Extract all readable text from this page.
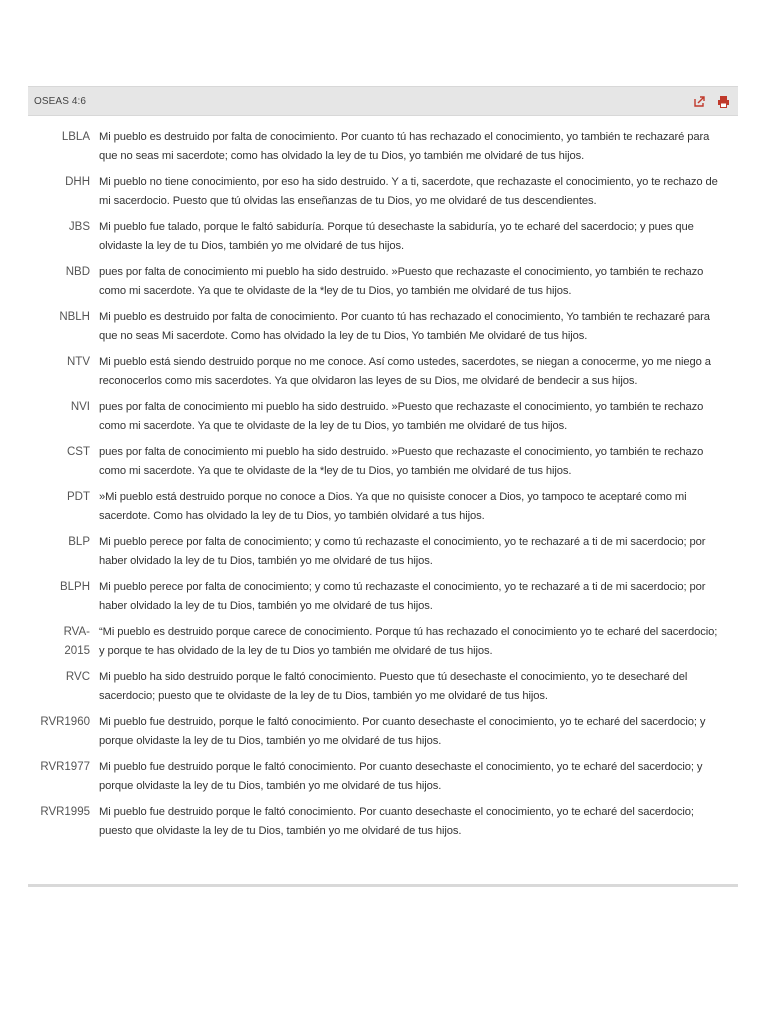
OSEAS 4:6
LBLA Mi pueblo es destruido por falta de conocimiento. Por cuanto tú has rechazado el conocimiento, yo también te rechazaré para que no seas mi sacerdote; como has olvidado la ley de tu Dios, yo también me olvidaré de tus hijos.
DHH Mi pueblo no tiene conocimiento, por eso ha sido destruido. Y a ti, sacerdote, que rechazaste el conocimiento, yo te rechazo de mi sacerdocio. Puesto que tú olvidas las enseñanzas de tu Dios, yo me olvidaré de tus descendientes.
JBS Mi pueblo fue talado, porque le faltó sabiduría. Porque tú desechaste la sabiduría, yo te echaré del sacerdocio; y pues que olvidaste la ley de tu Dios, también yo me olvidaré de tus hijos.
NBD pues por falta de conocimiento mi pueblo ha sido destruido. »Puesto que rechazaste el conocimiento, yo también te rechazo como mi sacerdote. Ya que te olvidaste de la *ley de tu Dios, yo también me olvidaré de tus hijos.
NBLH Mi pueblo es destruido por falta de conocimiento. Por cuanto tú has rechazado el conocimiento, Yo también te rechazaré para que no seas Mi sacerdote. Como has olvidado la ley de tu Dios, Yo también Me olvidaré de tus hijos.
NTV Mi pueblo está siendo destruido porque no me conoce. Así como ustedes, sacerdotes, se niegan a conocerme, yo me niego a reconocerlos como mis sacerdotes. Ya que olvidaron las leyes de su Dios, me olvidaré de bendecir a sus hijos.
NVI pues por falta de conocimiento mi pueblo ha sido destruido. »Puesto que rechazaste el conocimiento, yo también te rechazo como mi sacerdote. Ya que te olvidaste de la ley de tu Dios, yo también me olvidaré de tus hijos.
CST pues por falta de conocimiento mi pueblo ha sido destruido. »Puesto que rechazaste el conocimiento, yo también te rechazo como mi sacerdote. Ya que te olvidaste de la *ley de tu Dios, yo también me olvidaré de tus hijos.
PDT »Mi pueblo está destruido porque no conoce a Dios. Ya que no quisiste conocer a Dios, yo tampoco te aceptaré como mi sacerdote. Como has olvidado la ley de tu Dios, yo también olvidaré a tus hijos.
BLP Mi pueblo perece por falta de conocimiento; y como tú rechazaste el conocimiento, yo te rechazaré a ti de mi sacerdocio; por haber olvidado la ley de tu Dios, también yo me olvidaré de tus hijos.
BLPH Mi pueblo perece por falta de conocimiento; y como tú rechazaste el conocimiento, yo te rechazaré a ti de mi sacerdocio; por haber olvidado la ley de tu Dios, también yo me olvidaré de tus hijos.
RVA-
2015
“Mi pueblo es destruido porque carece de conocimiento. Porque tú has rechazado el conocimiento yo te echaré del sacerdocio; y porque te has olvidado de la ley de tu Dios yo también me olvidaré de tus hijos.
RVC Mi pueblo ha sido destruido porque le faltó conocimiento. Puesto que tú desechaste el conocimiento, yo te desecharé del sacerdocio; puesto que te olvidaste de la ley de tu Dios, también yo me olvidaré de tus hijos.
RVR1960 Mi pueblo fue destruido, porque le faltó conocimiento. Por cuanto desechaste el conocimiento, yo te echaré del sacerdocio; y porque olvidaste la ley de tu Dios, también yo me olvidaré de tus hijos.
RVR1977 Mi pueblo fue destruido porque le faltó conocimiento. Por cuanto desechaste el conocimiento, yo te echaré del sacerdocio; y porque olvidaste la ley de tu Dios, también yo me olvidaré de tus hijos.
RVR1995 Mi pueblo fue destruido porque le faltó conocimiento. Por cuanto desechaste el conocimiento, yo te echaré del sacerdocio; puesto que olvidaste la ley de tu Dios, también yo me olvidaré de tus hijos.
